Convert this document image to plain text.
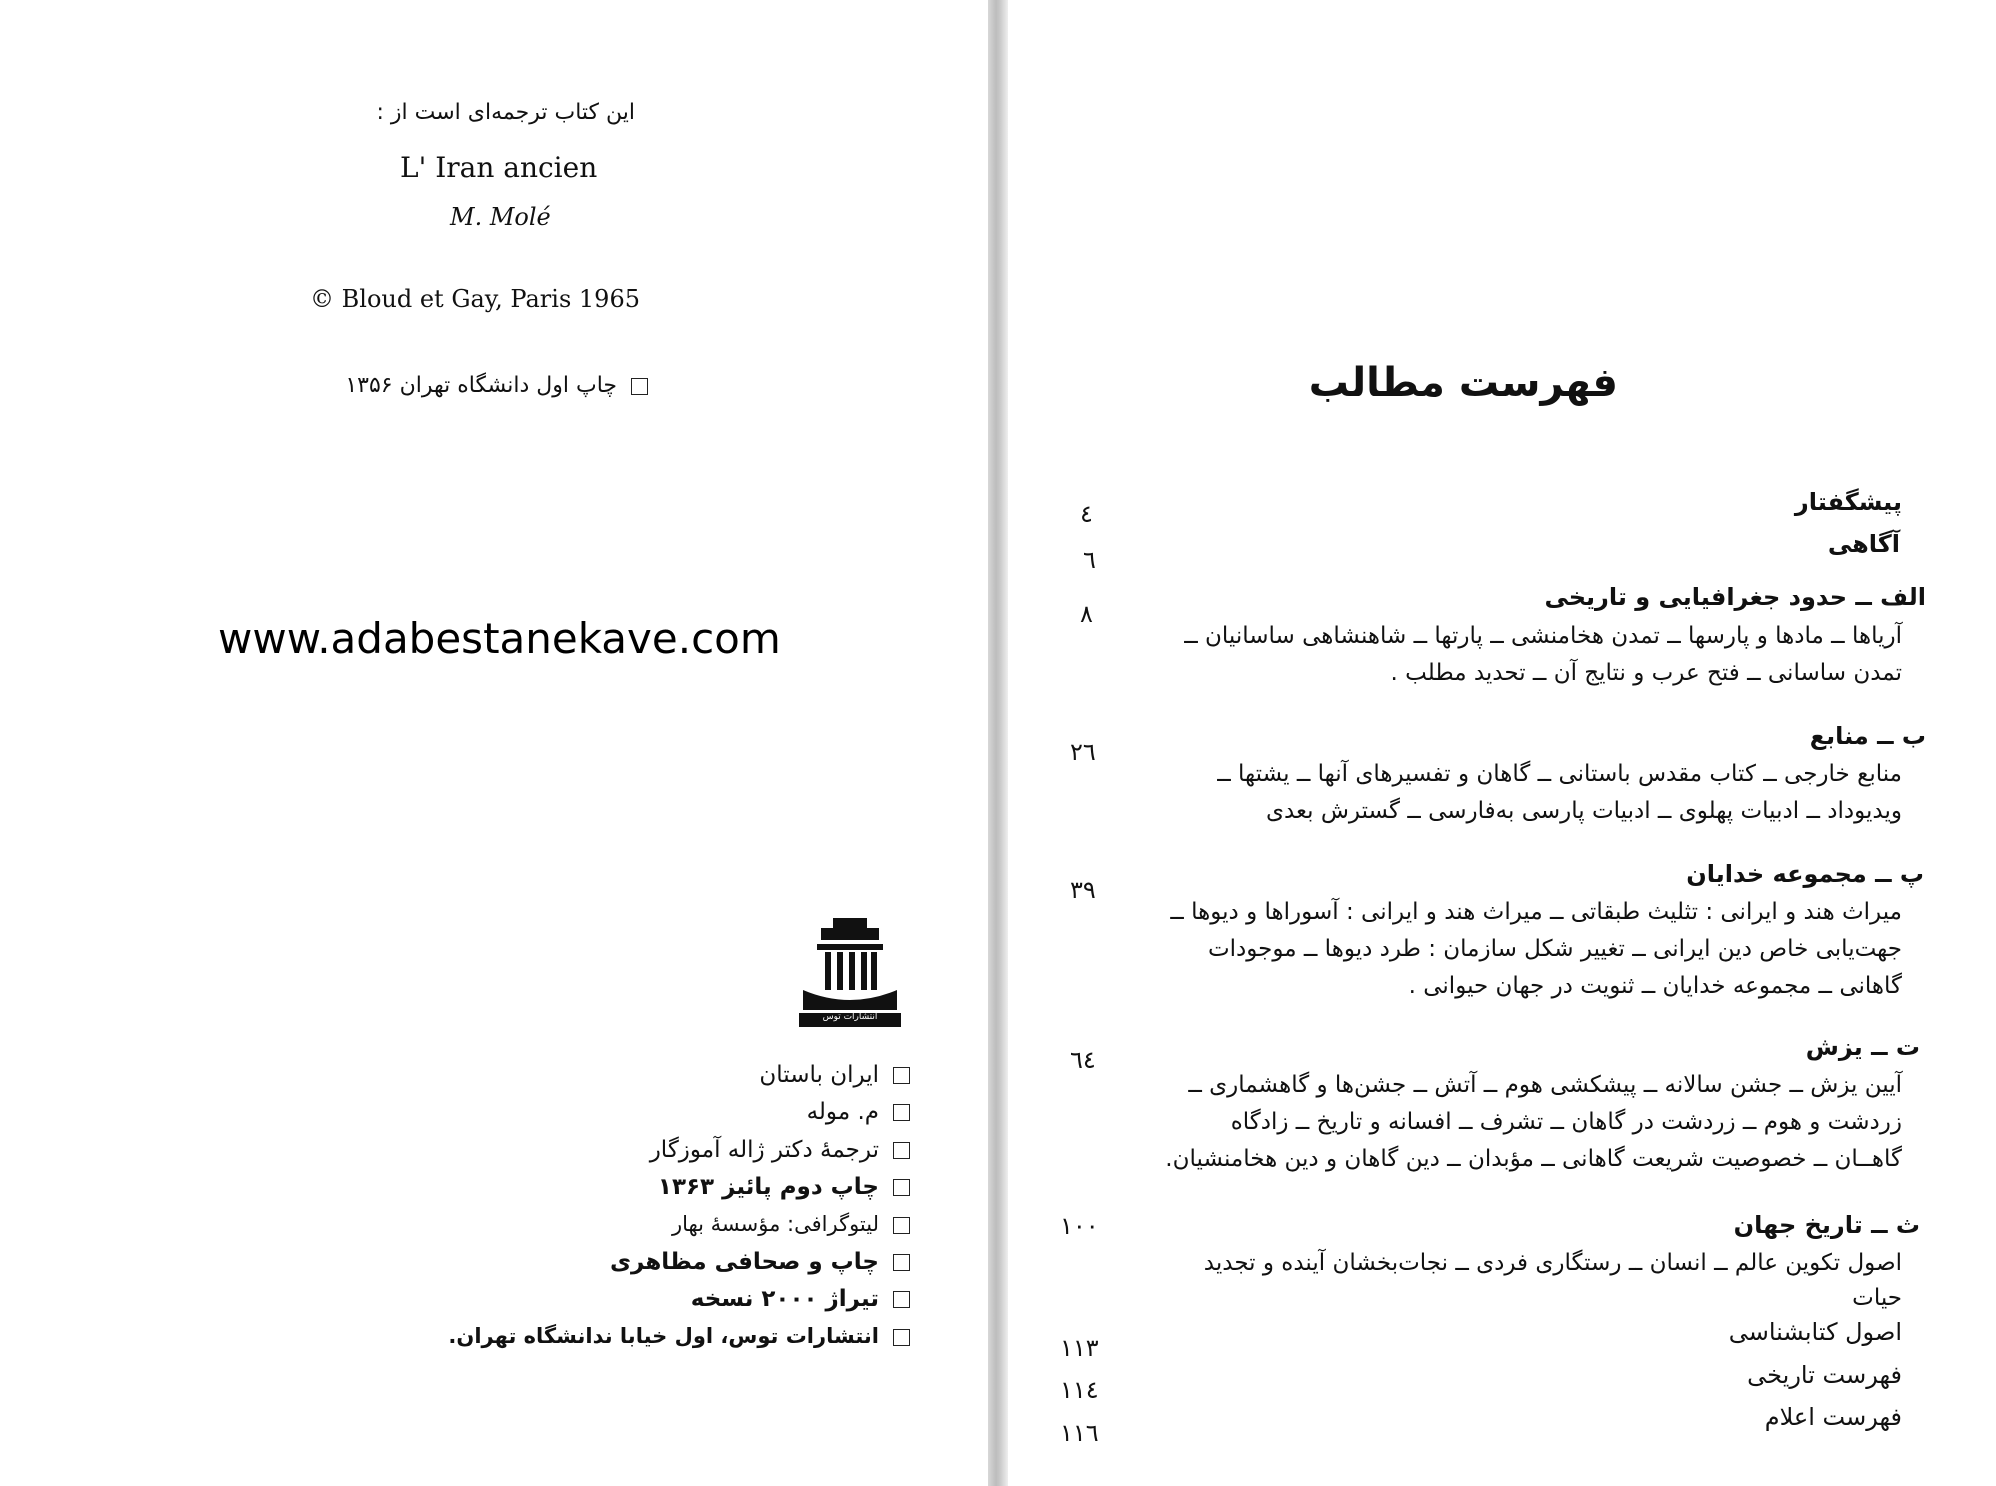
این کتاب ترجمه‌ای است از :
L' Iran ancien
M. Molé
© Bloud et Gay, Paris 1965
چاپ اول دانشگاه تهران ۱۳۵۶
www.adabestanekave.com
انتشارات توس
ایران باستان
م. موله
ترجمهٔ دکتر ژاله آموزگار
چاپ دوم پائیز ۱۳۶۳
لیتوگرافی: مؤسسهٔ بهار
چاپ و صحافی مظاهری
تیراژ ۲۰۰۰ نسخه
انتشارات توس، اول خیابا ندانشگاه تهران.
فهرست مطالب
پیشگفتار
٤
آگاهی
٦
الف ــ حدود جغرافیایی و تاریخی
٨
آریاها ــ مادها و پارسها ــ تمدن هخامنشی ــ پارتها ــ شاهنشاهی ساسانیان ــ
تمدن ساسانی ــ فتح عرب و نتایج آن ــ تحدید مطلب .
ب ــ منابع
۲٦
منابع خارجی ــ کتاب مقدس باستانی ــ گاهان و تفسیرهای آنها ــ یشتها ــ
ویدیوداد ــ ادبیات پهلوی ــ ادبیات پارسی به‌فارسی ــ گسترش بعدی
پ ــ مجموعه خدایان
۳۹
میراث هند و ایرانی : تثلیث طبقاتی ــ میراث هند و ایرانی : آسوراها و دیوها ــ
جهت‌یابی خاص دین ایرانی ــ تغییر شکل سازمان : طرد دیوها ــ موجودات
گاهانی ــ مجموعه خدایان ــ ثنویت در جهان حیوانی .
ت ــ یزش
٦٤
آیین یزش ــ جشن سالانه ــ پیشکشی هوم ــ آتش ــ جشن‌ها و گاهشماری ــ
زردشت و هوم ــ زردشت در گاهان ــ تشرف ــ افسانه و تاریخ ــ زادگاه
گاهــان ــ خصوصیت شریعت گاهانی ــ مؤبدان ــ دین گاهان و دین هخامنشیان.
ث ــ تاریخ جهان
اصول تکوین عالم ــ انسان ــ رستگاری فردی ــ نجات‌بخشان آینده و تجدید
حیات
۱۰۰
اصول کتابشناسی
۱۱۳
فهرست تاریخی
۱۱٤
فهرست اعلام
۱۱٦
